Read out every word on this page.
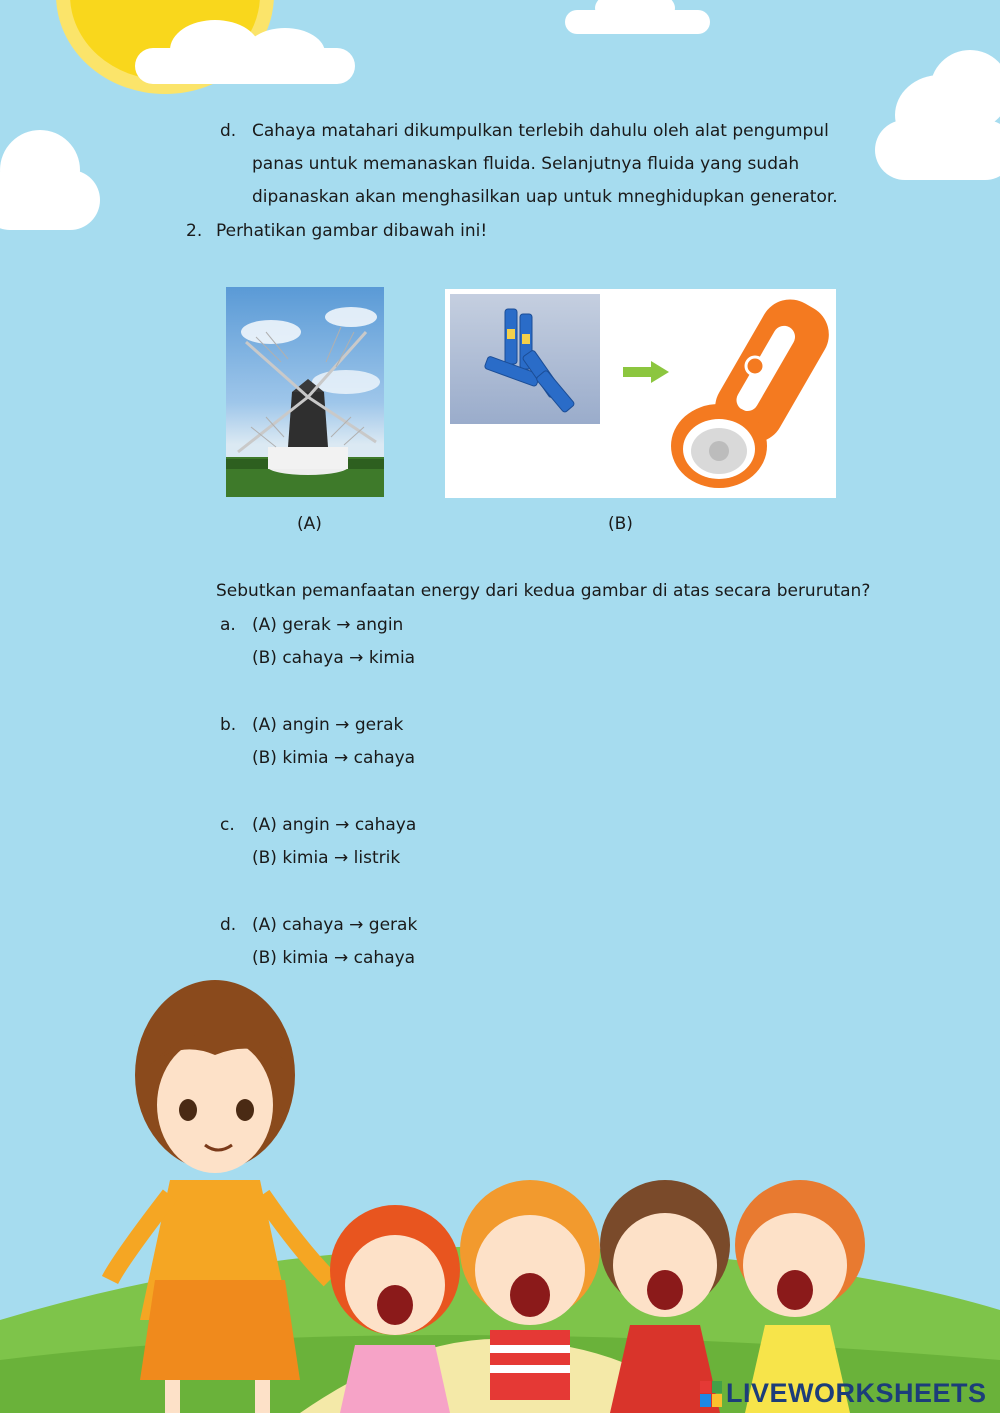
d. Cahaya matahari dikumpulkan terlebih dahulu oleh alat pengumpul
panas untuk memanaskan fluida. Selanjutnya fluida yang sudah
dipanaskan akan menghasilkan uap untuk mneghidupkan generator.
2. Perhatikan gambar dibawah ini!
(A)	(B)
Sebutkan pemanfaatan energy dari kedua gambar di atas secara berurutan?
a. (A) gerak → angin
(B) cahaya → kimia
b. (A) angin → gerak
(B) kimia → cahaya
c. (A) angin → cahaya
(B) kimia → listrik
d. (A) cahaya → gerak
(B) kimia → cahaya
LIVEWORKSHEETS
